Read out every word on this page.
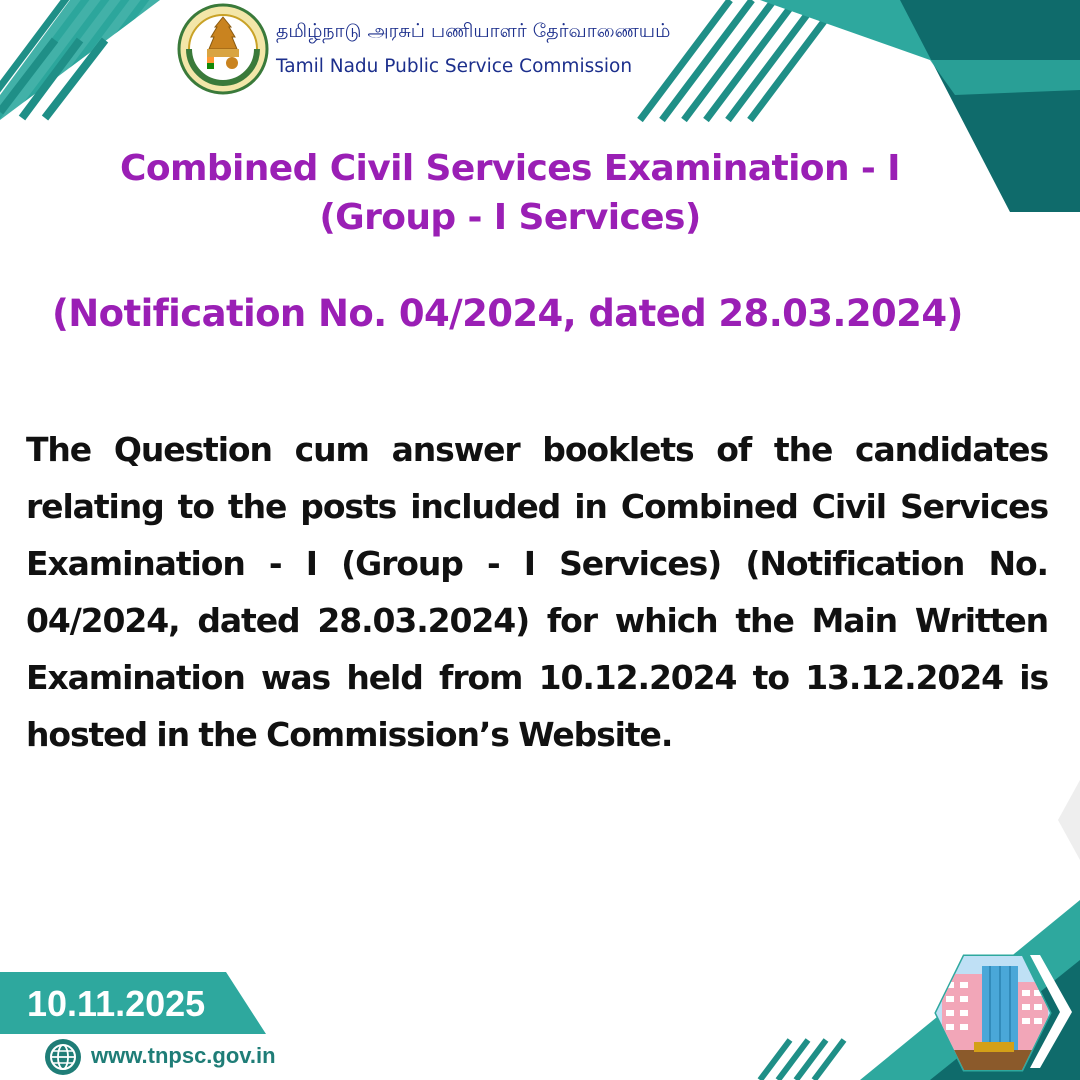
தமிழ்நாடு அரசுப் பணியாளர் தேர்வாணையம்
Tamil Nadu Public Service Commission
Combined Civil Services Examination - I
(Group - I Services)
(Notification No. 04/2024, dated 28.03.2024)
The Question cum answer booklets of the candidates relating to the posts included in Combined Civil Services Examination - I (Group - I Services) (Notification No. 04/2024, dated 28.03.2024) for which the Main Written Examination was held from 10.12.2024 to 13.12.2024 is hosted in the Commission’s Website.
10.11.2025
www.tnpsc.gov.in
